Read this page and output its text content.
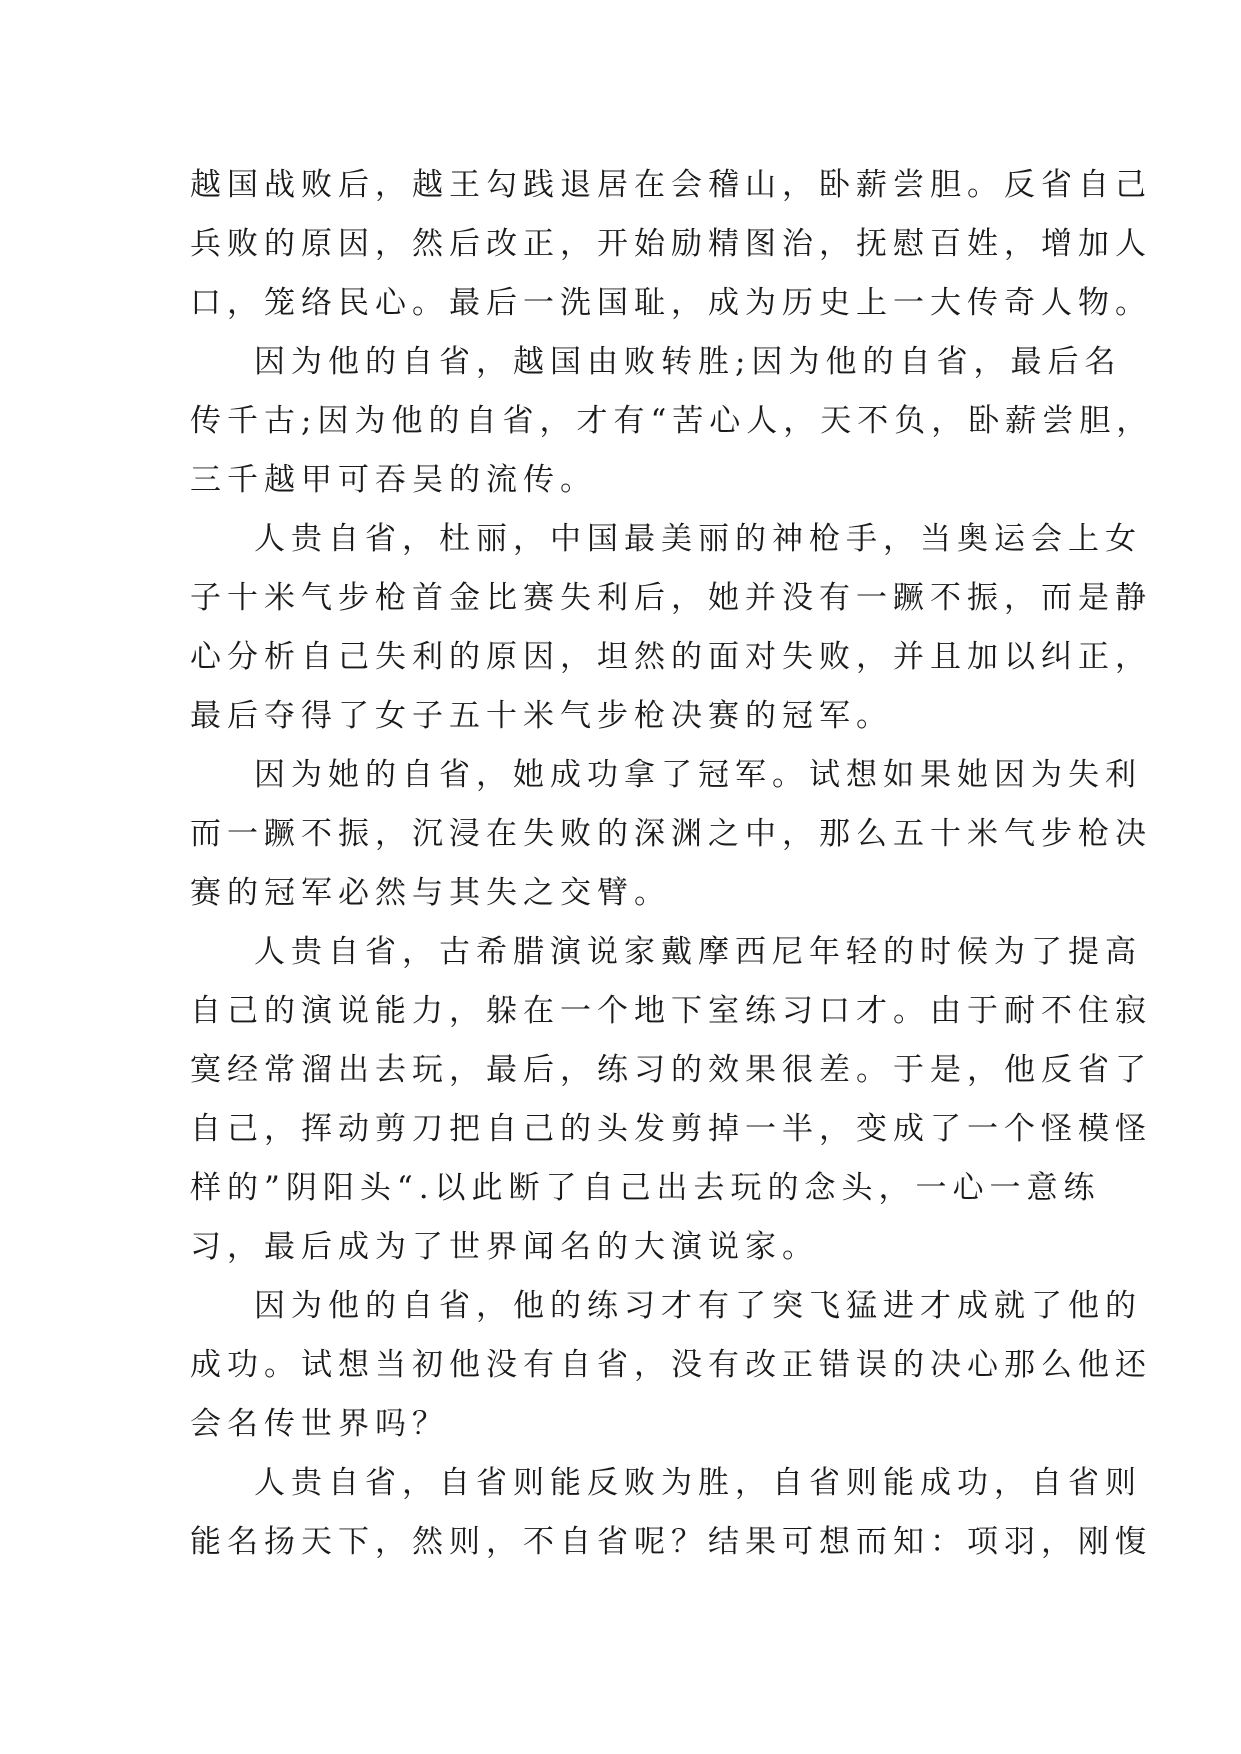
越国战败后，越王勾践退居在会稽山，卧薪尝胆。反省自己
兵败的原因，然后改正，开始励精图治，抚慰百姓，增加人
口，笼络民心。最后一洗国耻，成为历史上一大传奇人物。
因为他的自省，越国由败转胜;因为他的自省，最后名
传千古;因为他的自省，才有“苦心人，天不负，卧薪尝胆，
三千越甲可吞吴的流传。
人贵自省，杜丽，中国最美丽的神枪手，当奥运会上女
子十米气步枪首金比赛失利后，她并没有一蹶不振，而是静
心分析自己失利的原因，坦然的面对失败，并且加以纠正，
最后夺得了女子五十米气步枪决赛的冠军。
因为她的自省，她成功拿了冠军。试想如果她因为失利
而一蹶不振，沉浸在失败的深渊之中，那么五十米气步枪决
赛的冠军必然与其失之交臂。
人贵自省，古希腊演说家戴摩西尼年轻的时候为了提高
自己的演说能力，躲在一个地下室练习口才。由于耐不住寂
寞经常溜出去玩，最后，练习的效果很差。于是，他反省了
自己，挥动剪刀把自己的头发剪掉一半，变成了一个怪模怪
样的”阴阳头“.以此断了自己出去玩的念头，一心一意练
习，最后成为了世界闻名的大演说家。
因为他的自省，他的练习才有了突飞猛进才成就了他的
成功。试想当初他没有自省，没有改正错误的决心那么他还
会名传世界吗？
人贵自省，自省则能反败为胜，自省则能成功，自省则
能名扬天下，然则，不自省呢？结果可想而知：项羽，刚愎
